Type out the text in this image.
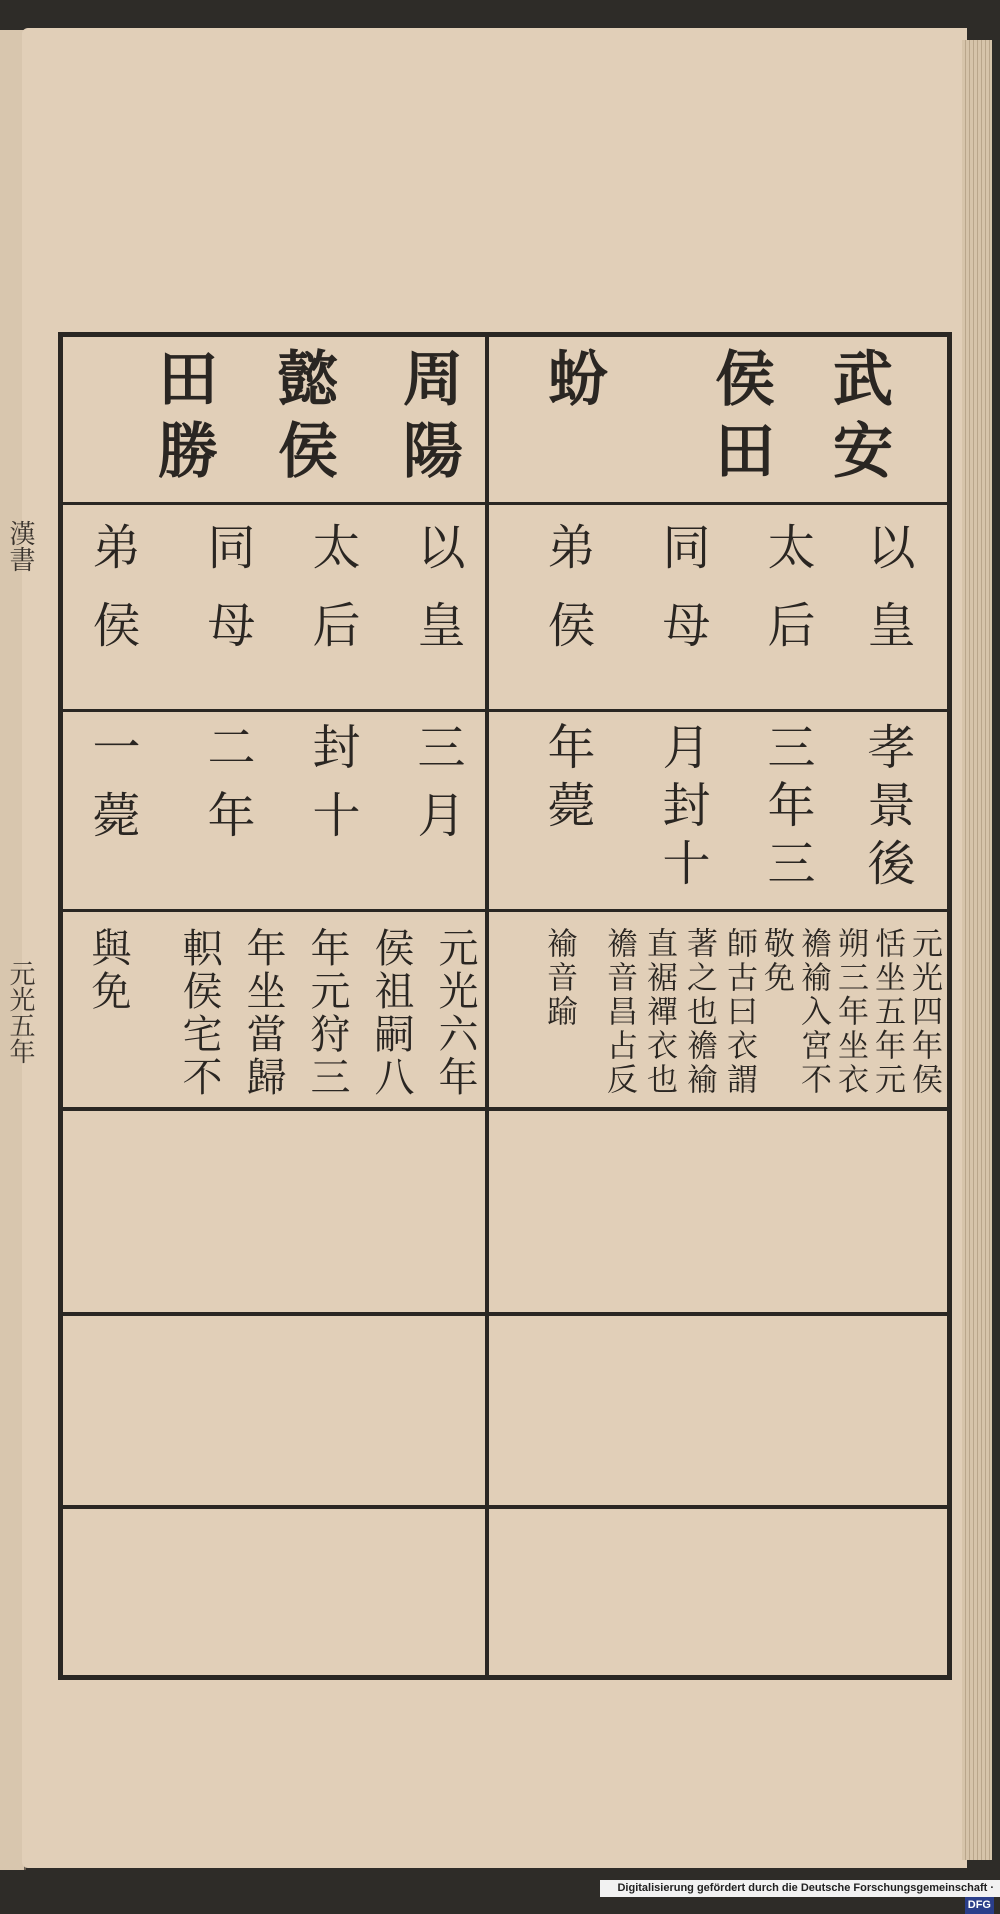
漢書
元光五年
武安
侯田
蚡
以皇
太后
同母
弟侯
孝景後
三年三
月封十
年薨
元光四年侯
恬坐五年元
朔三年坐衣
襜褕入宮不
敬免
師古曰衣謂
著之也襜褕
直裾襌衣也
襜音昌占反
褕音踰
周陽
懿侯
田勝
以皇
太后
同母
弟侯
三月
封十
二年
一薨
元光六年
侯祖嗣八
年元狩三
年坐當歸
軹侯宅不
與免
Digitalisierung gefördert durch die Deutsche Forschungsgemeinschaft ·DFG
